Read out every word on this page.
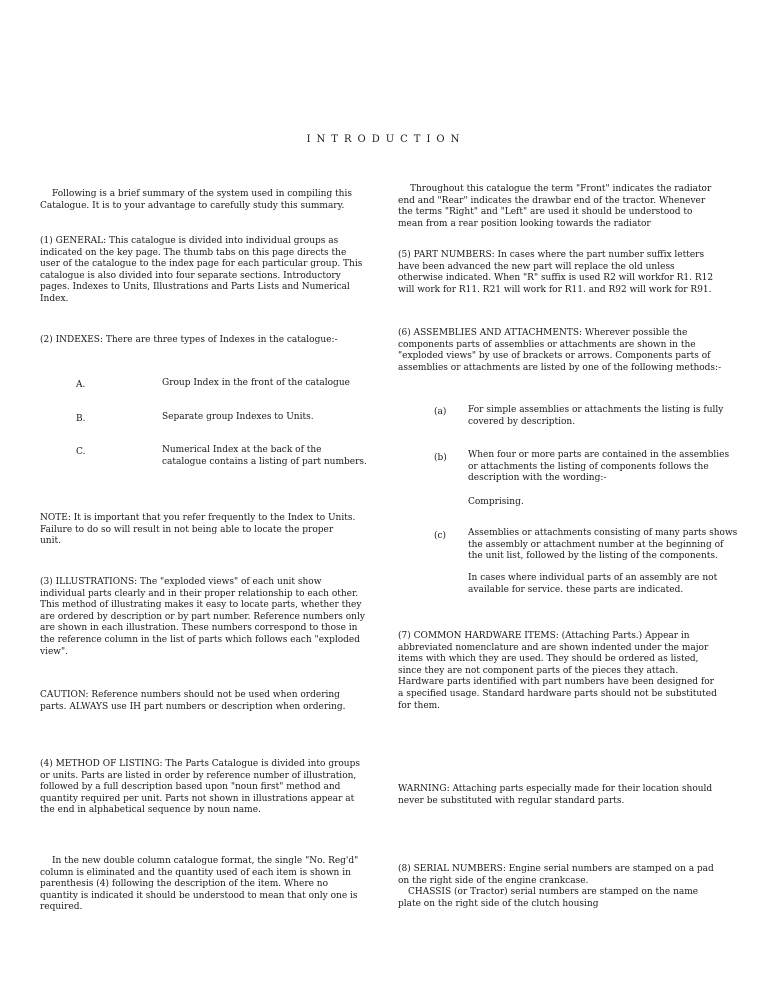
INTRODUCTION

Following is a brief summary of the system used in compiling this Catalogue. It is to your advantage to carefully study this summary.

(1) GENERAL: This catalogue is divided into individual groups as indicated on the key page. The thumb tabs on this page directs the user of the catalogue to the index page for each particular group. This catalogue is also divided into four separate sections. Introductory pages. Indexes to Units, Illustrations and Parts Lists and Numerical Index.

(2) INDEXES: There are three types of Indexes in the catalogue:-

A.	Group Index in the front of the catalogue
B.	Separate group Indexes to Units.
C.	Numerical Index at the back of the catalogue contains a listing of part numbers.

NOTE: It is important that you refer frequently to the Index to Units. Failure to do so will result in not being able to locate the proper unit.

(3) ILLUSTRATIONS: The "exploded views" of each unit show individual parts clearly and in their proper relationship to each other. This method of illustrating makes it easy to locate parts, whether they are ordered by description or by part number. Reference numbers only are shown in each illustration. These numbers correspond to those in the reference column in the list of parts which follows each "exploded view".

CAUTION: Reference numbers should not be used when ordering parts. ALWAYS use IH part numbers or description when ordering.

(4) METHOD OF LISTING: The Parts Catalogue is divided into groups or units. Parts are listed in order by reference number of illustration, followed by a full description based upon "noun first" method and quantity required per unit. Parts not shown in illustrations appear at the end in alphabetical sequence by noun name.

In the new double column catalogue format, the single "No. Reg'd" column is eliminated and the quantity used of each item is shown in parenthesis (4) following the description of the item. Where no quantity is indicated it should be understood to mean that only one is required.

Throughout this catalogue the term "Front" indicates the radiator end and "Rear" indicates the drawbar end of the tractor. Whenever the terms "Right" and "Left" are used it should be understood to mean from a rear position looking towards the radiator

(5) PART NUMBERS: In cases where the part number suffix letters have been advanced the new part will replace the old unless otherwise indicated. When "R" suffix is used R2 will workfor R1. R12 will work for R11. R21 will work for R11. and R92 will work for R91.

(6) ASSEMBLIES AND ATTACHMENTS: Wherever possible the components parts of assemblies or attachments are shown in the "exploded views" by use of brackets or arrows. Components parts of assemblies or attachments are listed by one of the following methods:-

(a) For simple assemblies or attachments the listing is fully covered by description.
(b) When four or more parts are contained in the assemblies or attachments the listing of components follows the description with the wording:-
Comprising.
(c) Assemblies or attachments consisting of many parts shows the assembly or attachment number at the beginning of the unit list, followed by the listing of the components.
In cases where individual parts of an assembly are not available for service. these parts are indicated.

(7) COMMON HARDWARE ITEMS: (Attaching Parts.) Appear in abbreviated nomenclature and are shown indented under the major items with which they are used. They should be ordered as listed, since they are not component parts of the pieces they attach. Hardware parts identified with part numbers have been designed for a specified usage. Standard hardware parts should not be substituted for them.

WARNING: Attaching parts especially made for their location should never be substituted with regular standard parts.

(8) SERIAL NUMBERS: Engine serial numbers are stamped on a pad on the right side of the engine crankcase.

CHASSIS (or Tractor) serial numbers are stamped on the name plate on the right side of the clutch housing
